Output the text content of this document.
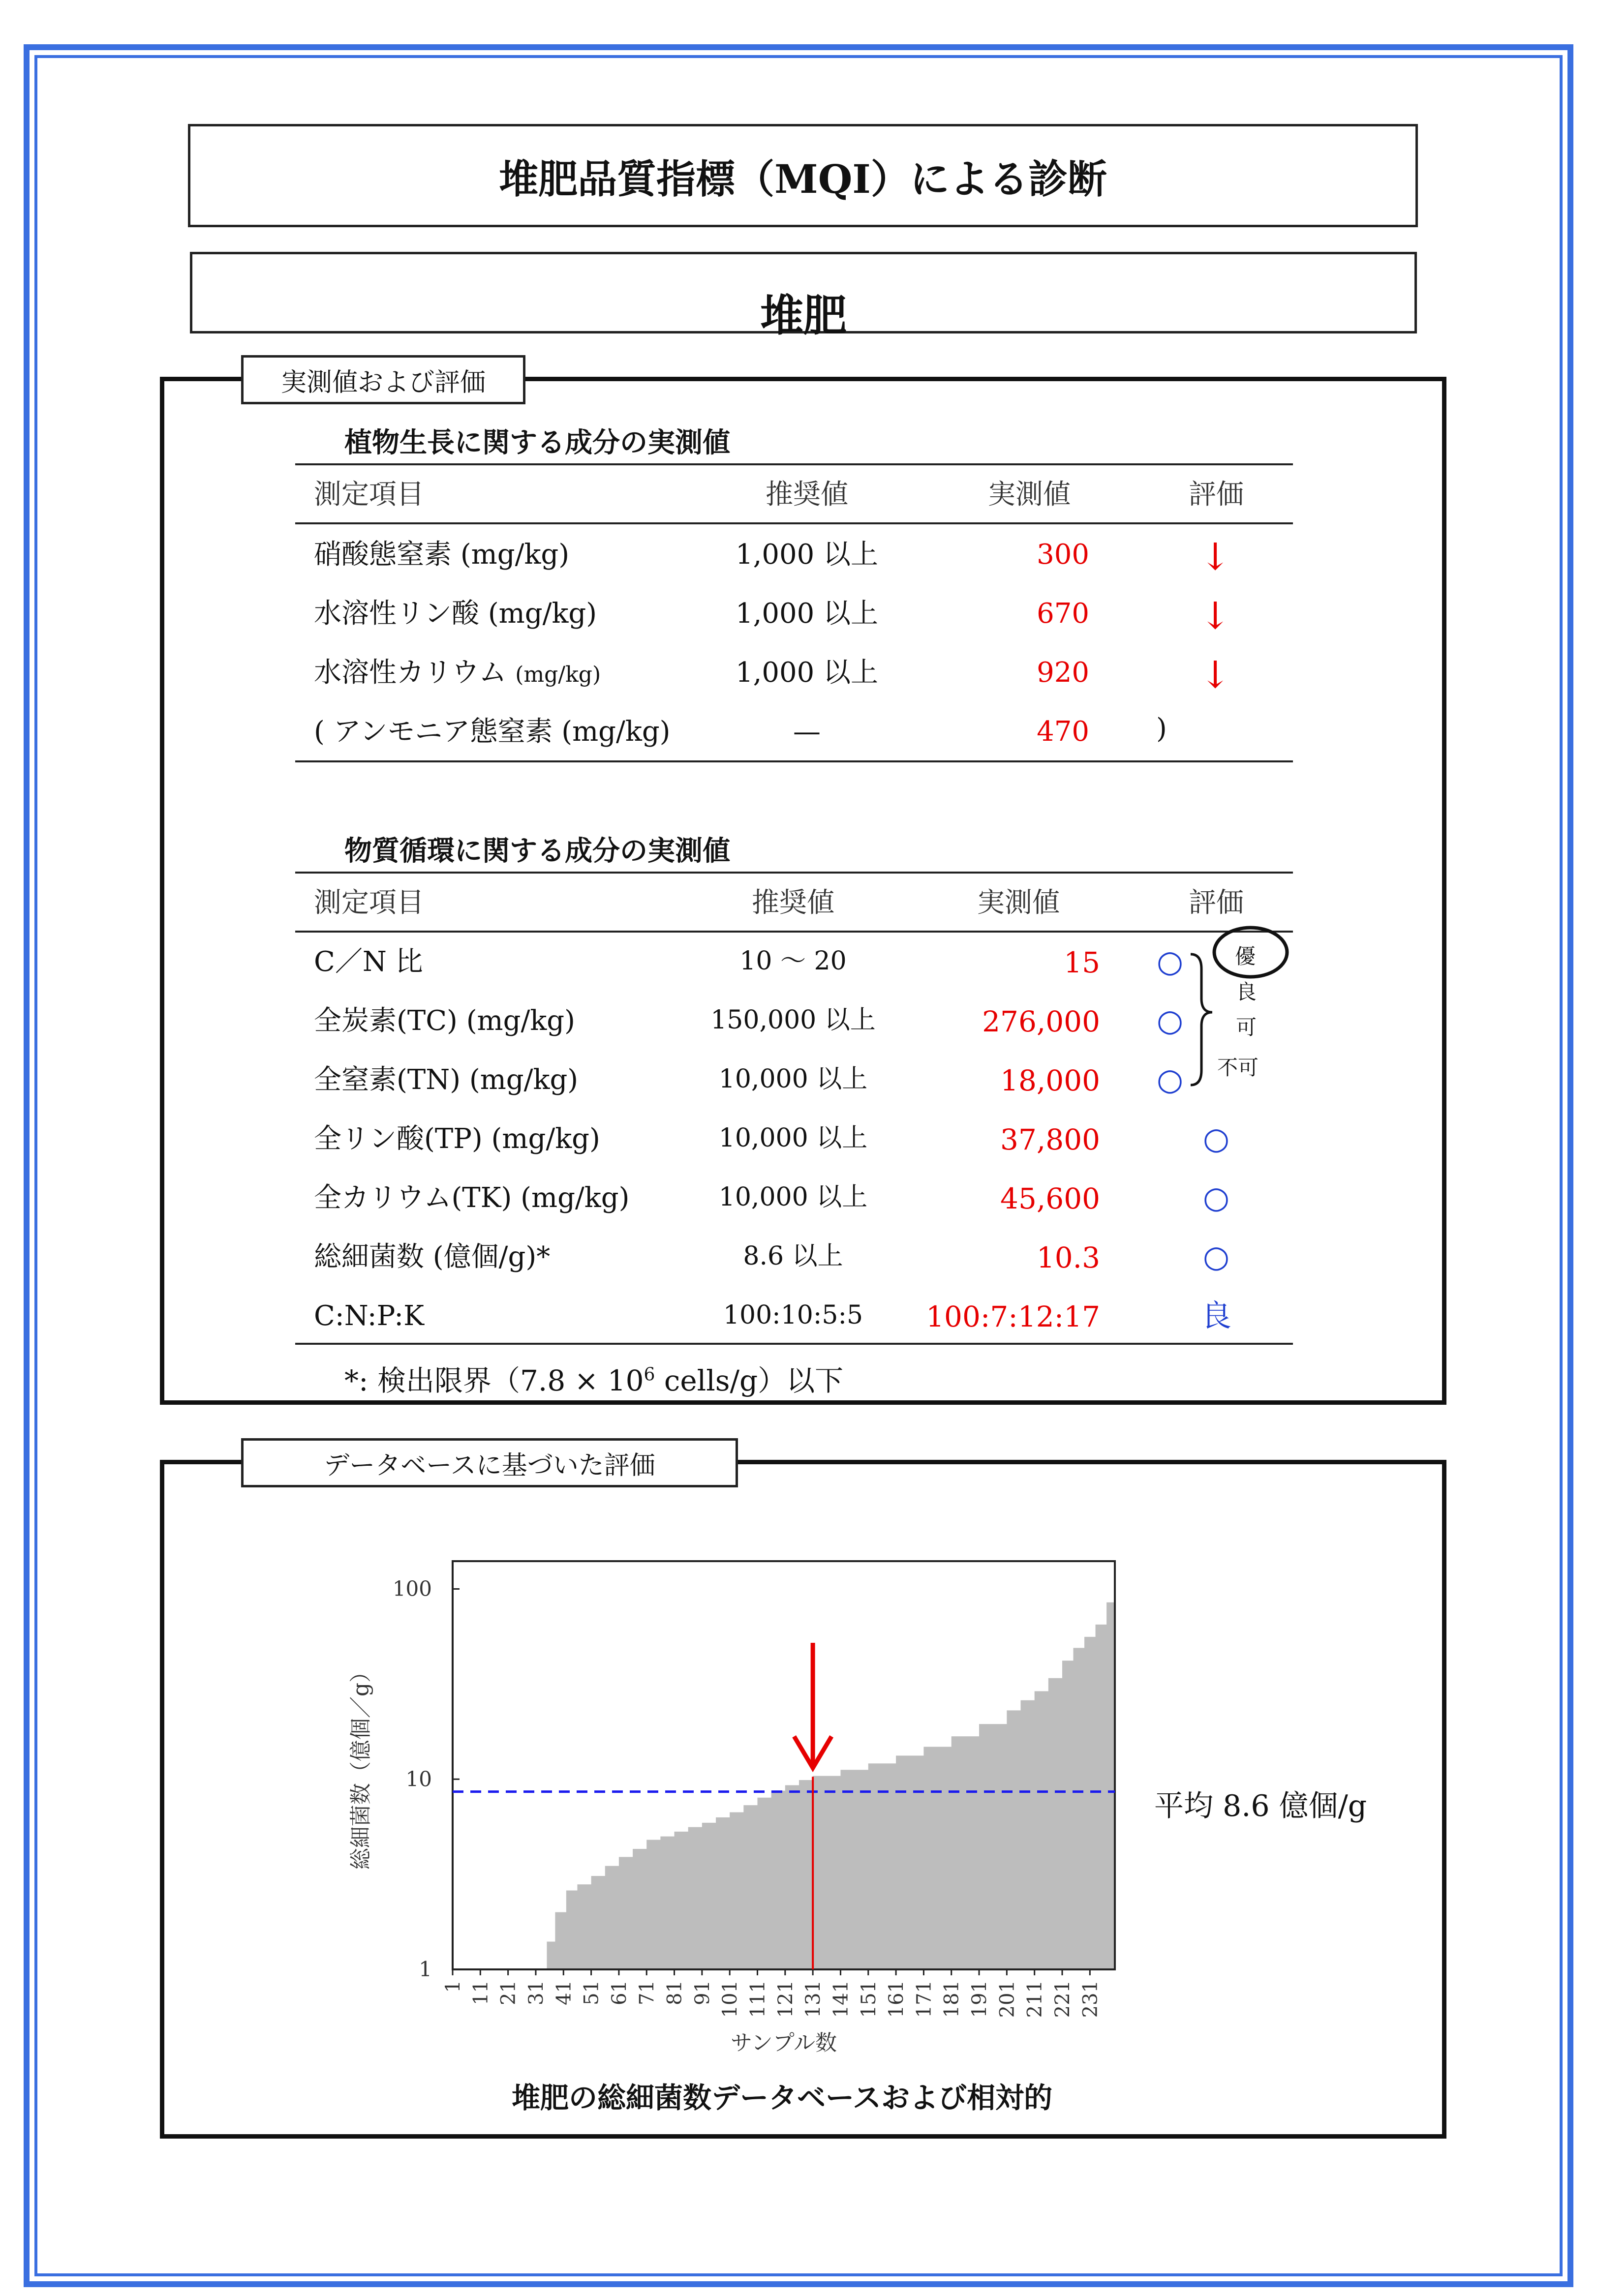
堆肥品質指標（MQI）による診断
堆肥
実測値および評価
植物生長に関する成分の実測値
測定項目	推奨値	実測値	評価
硝酸態窒素 (mg/kg)	1,000 以上	300	↓
水溶性リン酸 (mg/kg)	1,000 以上	670	↓
水溶性カリウム (mg/kg)	1,000 以上	920	↓
( アンモニア態窒素 (mg/kg)	—	470 )
物質循環に関する成分の実測値
測定項目	推奨値	実測値	評価
C／N 比	10 ～ 20	15	○
全炭素(TC) (mg/kg)	150,000 以上	276,000	○
全窒素(TN) (mg/kg)	10,000 以上	18,000	○
全リン酸(TP) (mg/kg)	10,000 以上	37,800	○
全カリウム(TK) (mg/kg)	10,000 以上	45,600	○
総細菌数 (億個/g)*	8.6 以上	10.3	○
C:N:P:K	100:10:5:5	100:7:12:17	良
優
良
可
不可
*: 検出限界（$7.8 \times 10^6$ cells/g）以下
データベースに基づいた評価
1
10
100
1 11 21 31 41 51 61 71 81 91 101 111 121 131 141 151 161 171 181 191 201 211 221 231
サンプル数
総細菌数（億個／g）	平均 8.6 億個/g
堆肥の総細菌数データベースおよび相対的
